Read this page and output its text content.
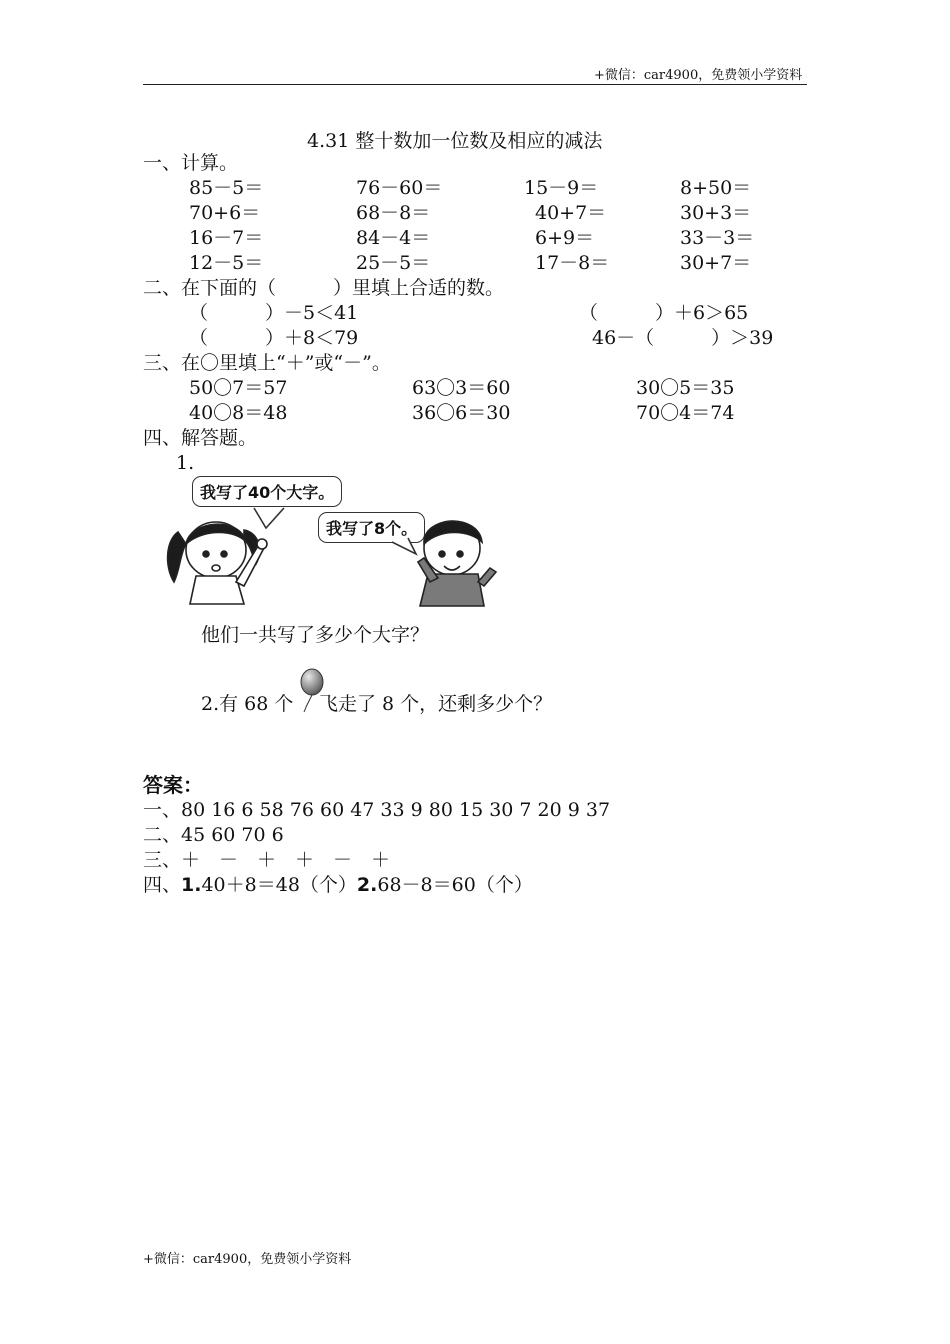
+微信：car4900，免费领小学资料
4.31 整十数加一位数及相应的减法
一、计算。
85－5＝	76－60＝	15－9＝	8+50＝
70+6＝	68－8＝	40+7＝	30+3＝
16－7＝	84－4＝	6+9＝	33－3＝
12－5＝	25－5＝	17－8＝	30+7＝
二、在下面的（　　　）里填上合适的数。
（　　　）－5＜41	（　　　）＋6＞65
（　　　）＋8＜79	46－（　　　）＞39
三、在〇里填上“＋”或“－”。
50〇7＝57	63〇3＝60	30〇5＝35
40〇8＝48	36〇6＝30	70〇4＝74
四、解答题。
1.
我写了40个大字。
我写了8个。
他们一共写了多少个大字？
2.有 68 个 飞走了 8 个，还剩多少个？
答案：
一、80 16 6 58 76 60 47 33 9 80 15 30 7 20 9 37
二、45 60 70 6
三、＋　－　＋　＋　－　＋
四、1.40＋8＝48（个）2.68－8＝60（个）
+微信：car4900，免费领小学资料
